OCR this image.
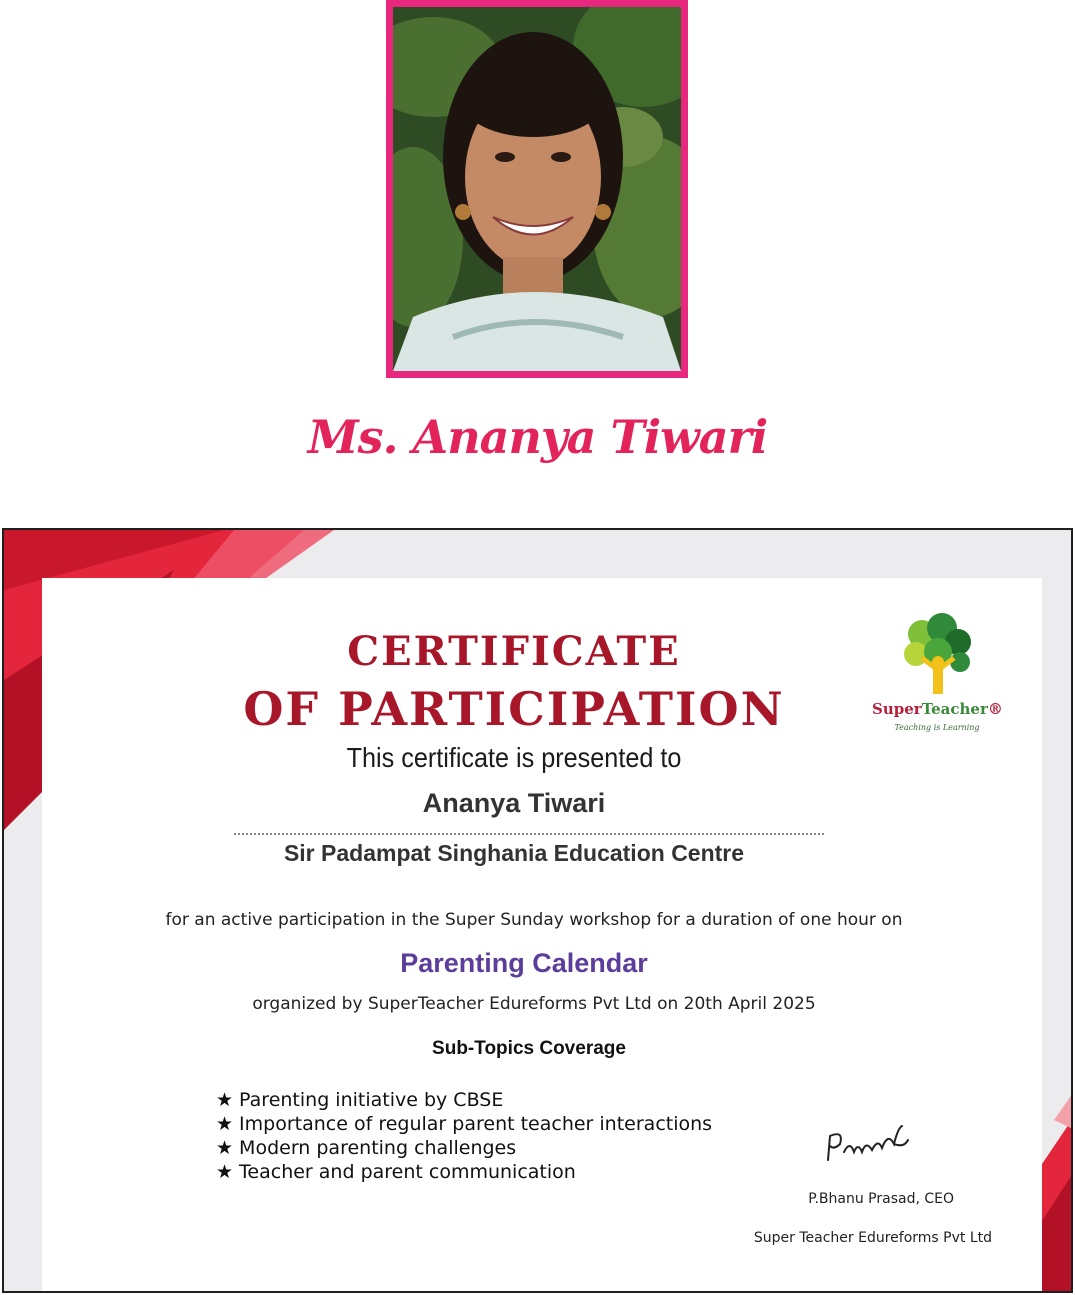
Ms. Ananya Tiwari
CERTIFICATE
OF PARTICIPATION	SuperTeacher®
Teaching is Learning
This certificate is presented to
Ananya Tiwari
Sir Padampat Singhania Education Centre
for an active participation in the Super Sunday workshop for a duration of one hour on
Parenting Calendar
organized by SuperTeacher Edureforms Pvt Ltd on 20th April 2025
Sub-Topics Coverage
★ Parenting initiative by CBSE
★ Importance of regular parent teacher interactions
★ Modern parenting challenges
★ Teacher and parent communication
P.Bhanu Prasad, CEO
Super Teacher Edureforms Pvt Ltd
